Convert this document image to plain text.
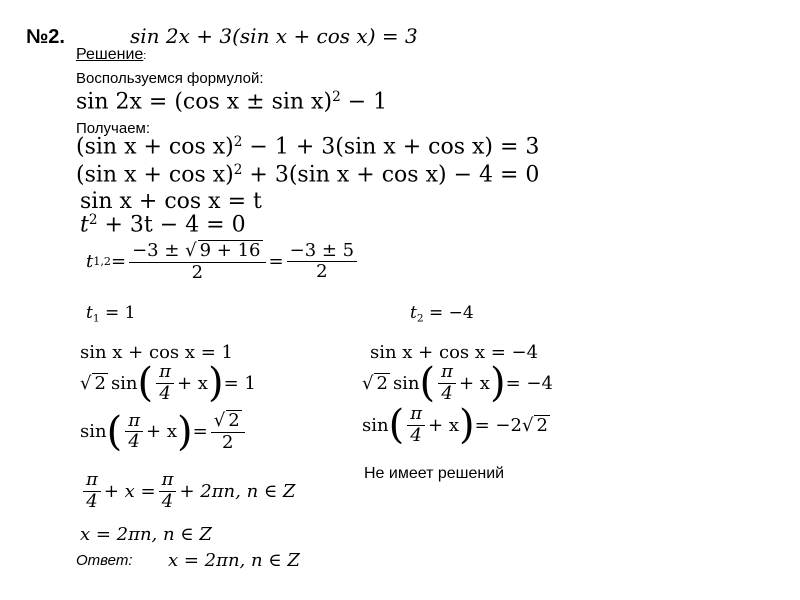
№2.	sin 2x + 3(sin x + cos x) = 3
Решение:
Воспользуемся формулой:
sin 2x = (cos x ± sin x)$^2$ − 1
Получаем:
(sin x + cos x)$^2$ − 1 + 3(sin x + cos x) = 3
(sin x + cos x)$^2$ + 3(sin x + cos x) − 4 = 0
sin x + cos x = t
$t^2 + 3t - 4 = 0$
t $1,2 = \frac{-3 \pm √ 9 + 16}{2} = \frac{-3 \pm 5}{2}$
$t_1 = 1$	$t_2 = -4$
sin x + cos x = 1
√ 2 sin ( $\frac{\pi}{4} + x$ ) = 1
sin ( $\frac{\pi}{4} + x$ ) = $\frac{√ 2}{2}$
$\frac{\pi}{4} + x = \frac{\pi}{4} + 2\pi n$, n ∈ Z
x = 2πn, n ∈ Z
Ответ: x = 2πn, n ∈ Z
sin x + cos x = −4
√ 2 sin ( $\frac{\pi}{4} + x$ ) = −4
sin ( $\frac{\pi}{4} + x$ ) = −2 √ 2
Не имеет решений
